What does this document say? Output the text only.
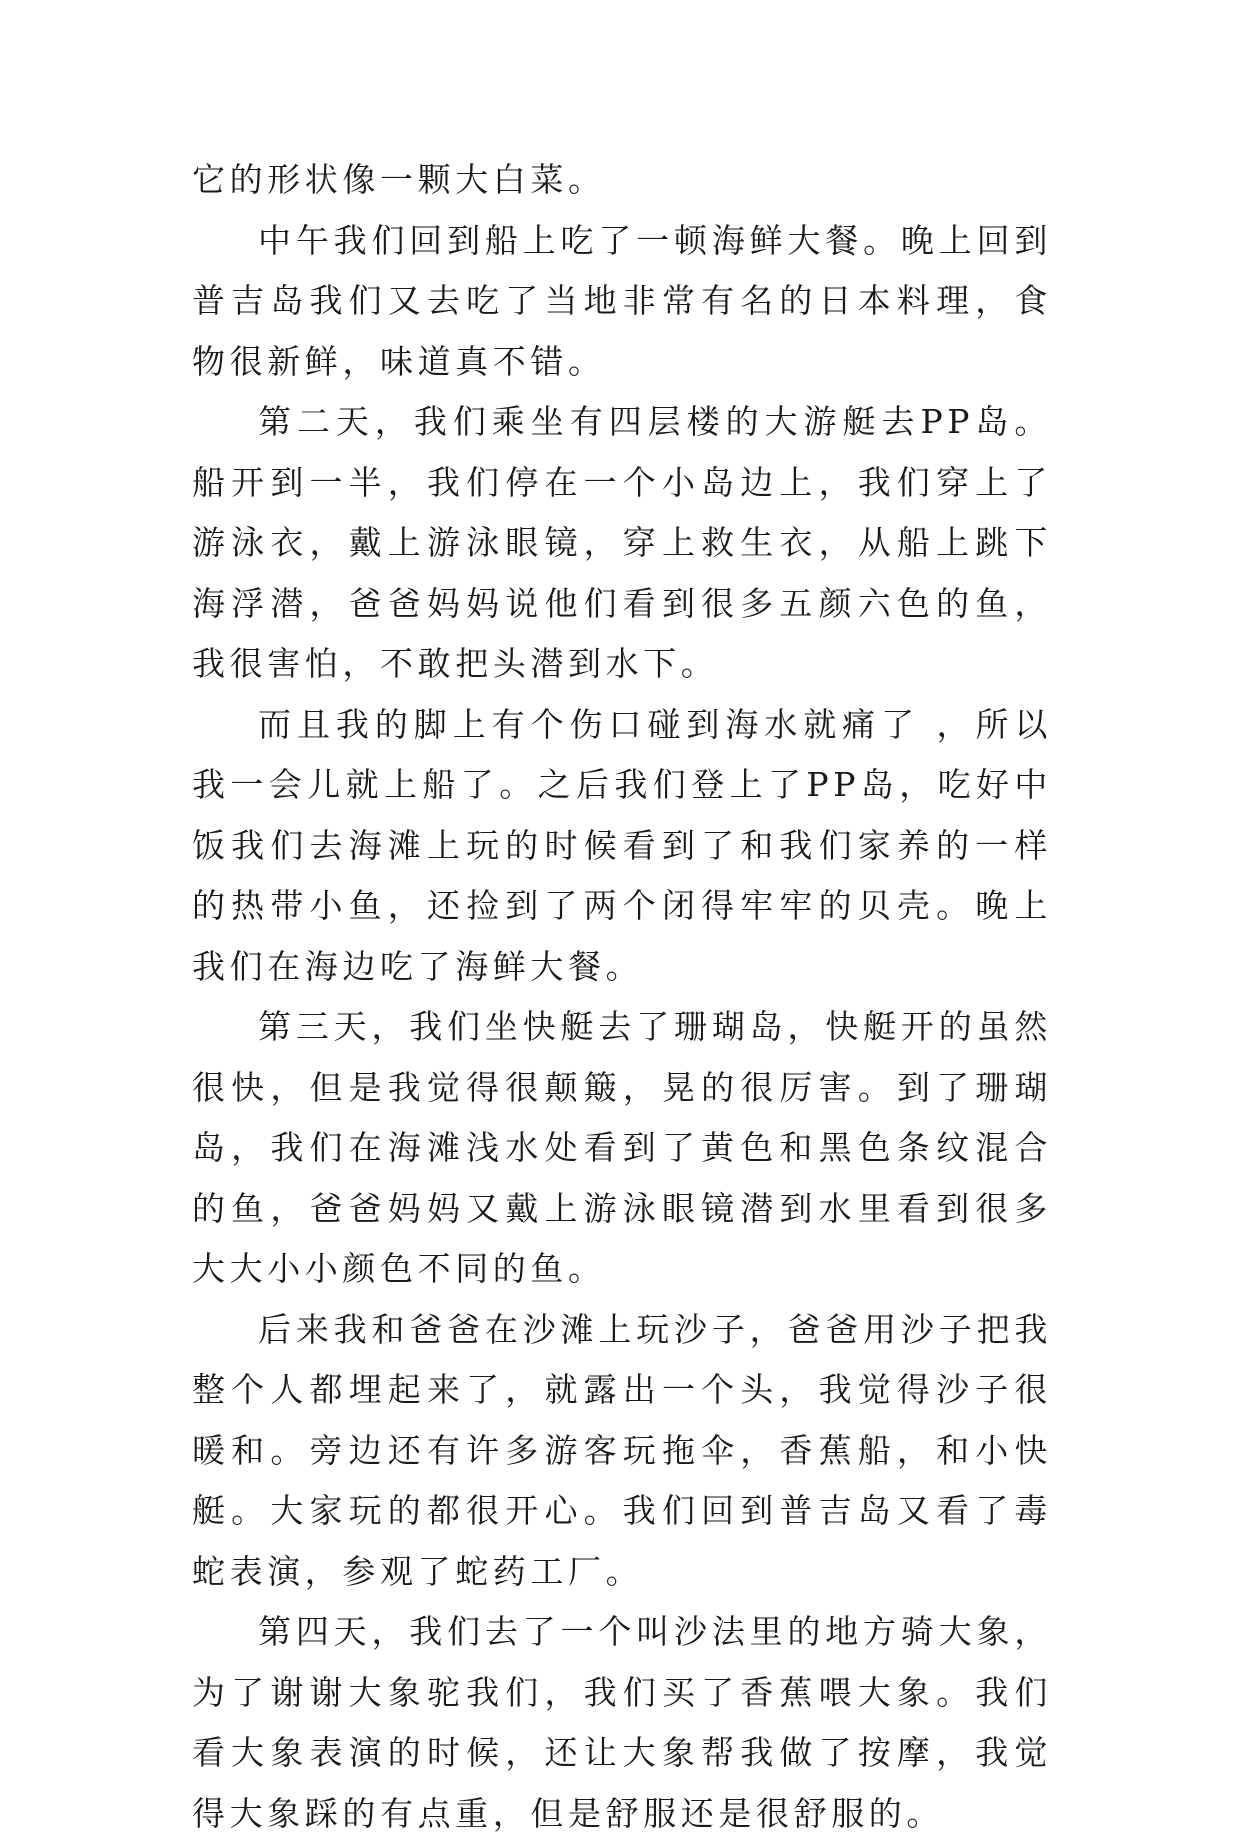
它的形状像一颗大白菜。

中午我们回到船上吃了一顿海鲜大餐。晚上回到普吉岛我们又去吃了当地非常有名的日本料理，食物很新鲜，味道真不错。

第二天，我们乘坐有四层楼的大游艇去PP岛。船开到一半，我们停在一个小岛边上，我们穿上了游泳衣，戴上游泳眼镜，穿上救生衣，从船上跳下海浮潜，爸爸妈妈说他们看到很多五颜六色的鱼，我很害怕，不敢把头潜到水下。

而且我的脚上有个伤口碰到海水就痛了 ，所以我一会儿就上船了。之后我们登上了PP岛，吃好中饭我们去海滩上玩的时候看到了和我们家养的一样的热带小鱼，还捡到了两个闭得牢牢的贝壳。晚上我们在海边吃了海鲜大餐。

第三天，我们坐快艇去了珊瑚岛，快艇开的虽然很快，但是我觉得很颠簸，晃的很厉害。到了珊瑚岛，我们在海滩浅水处看到了黄色和黑色条纹混合的鱼，爸爸妈妈又戴上游泳眼镜潜到水里看到很多大大小小颜色不同的鱼。

后来我和爸爸在沙滩上玩沙子，爸爸用沙子把我整个人都埋起来了，就露出一个头，我觉得沙子很暖和。旁边还有许多游客玩拖伞，香蕉船，和小快艇。大家玩的都很开心。我们回到普吉岛又看了毒蛇表演，参观了蛇药工厂。

第四天，我们去了一个叫沙法里的地方骑大象，为了谢谢大象驼我们，我们买了香蕉喂大象。我们看大象表演的时候，还让大象帮我做了按摩，我觉得大象踩的有点重，但是舒服还是很舒服的。
